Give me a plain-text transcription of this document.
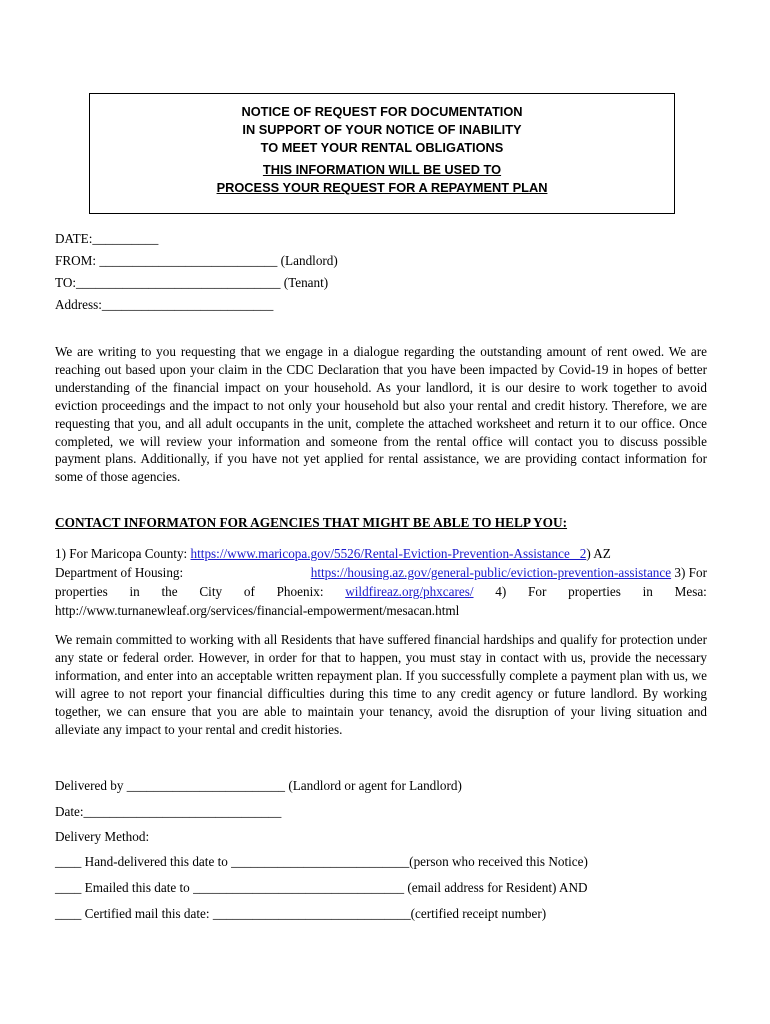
NOTICE OF REQUEST FOR DOCUMENTATION
IN SUPPORT OF YOUR NOTICE OF INABILITY
TO MEET YOUR RENTAL OBLIGATIONS
THIS INFORMATION WILL BE USED TO
PROCESS YOUR REQUEST FOR A REPAYMENT PLAN
DATE:__________
FROM: ___________________________ (Landlord)
TO:_______________________________ (Tenant)
Address:__________________________

We are writing to you requesting that we engage in a dialogue regarding the outstanding amount of rent owed. We are reaching out based upon your claim in the CDC Declaration that you have been impacted by Covid-19 in hopes of better understanding of the financial impact on your household. As your landlord, it is our desire to work together to avoid eviction proceedings and the impact to not only your household but also your rental and credit history. Therefore, we are requesting that you, and all adult occupants in the unit, complete the attached worksheet and return it to our office. Once completed, we will review your information and someone from the rental office will contact you to discuss possible payment plans. Additionally, if you have not yet applied for rental assistance, we are providing contact information for some of those agencies.

CONTACT INFORMATON FOR AGENCIES THAT MIGHT BE ABLE TO HELP YOU:
1) For Maricopa County: https://www.maricopa.gov/5526/Rental-Eviction-Prevention-Assistance   2) AZ
Department of Housing:	https://housing.az.gov/general-public/eviction-prevention-assistance 3) For
properties in the City of Phoenix: wildfireaz.org/phxcares/ 4) For properties in Mesa:
http://www.turnanewleaf.org/services/financial-empowerment/mesacan.html

We remain committed to working with all Residents that have suffered financial hardships and qualify for protection under any state or federal order. However, in order for that to happen, you must stay in contact with us, provide the necessary information, and enter into an acceptable written repayment plan. If you successfully complete a payment plan with us, we will agree to not report your financial difficulties during this time to any credit agency or future landlord. By working together, we can ensure that you are able to maintain your tenancy, avoid the disruption of your living situation and alleviate any impact to your rental and credit histories.

Delivered by ________________________ (Landlord or agent for Landlord)
Date:______________________________
Delivery Method:
____ Hand-delivered this date to ___________________________(person who received this Notice)
____ Emailed this date to ________________________________ (email address for Resident) AND
____ Certified mail this date: ______________________________(certified receipt number)
